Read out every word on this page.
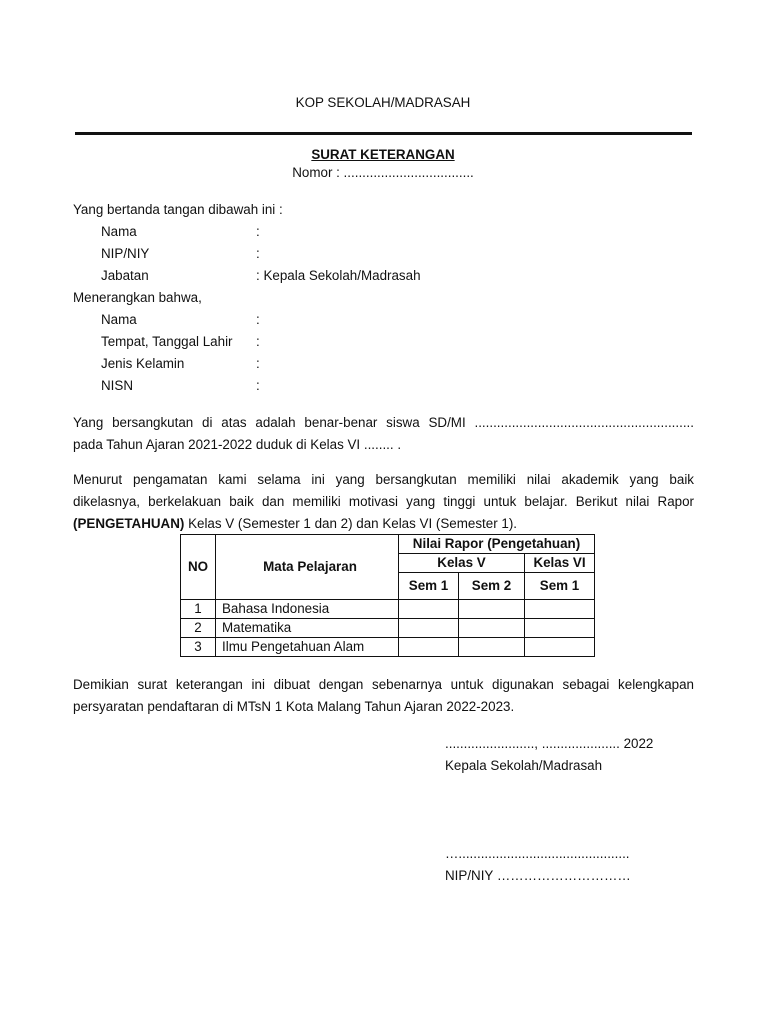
KOP SEKOLAH/MADRASAH
SURAT KETERANGAN
Nomor : ...................................
Yang bertanda tangan dibawah ini :
Nama	:
NIP/NIY	:
Jabatan	: Kepala Sekolah/Madrasah
Menerangkan bahwa,
Nama	:
Tempat, Tanggal Lahir :
Jenis Kelamin	:
NISN	:
Yang bersangkutan di atas adalah benar-benar siswa SD/MI ...........................................................
pada Tahun Ajaran 2021-2022 duduk di Kelas VI ........ .
Menurut pengamatan kami selama ini yang bersangkutan memiliki nilai akademik yang baik
dikelasnya, berkelakuan baik dan memiliki motivasi yang tinggi untuk belajar. Berikut nilai Rapor
(PENGETAHUAN) Kelas V (Semester 1 dan 2) dan Kelas VI (Semester 1).
NO	Mata Pelajaran	Nilai Rapor (Pengetahuan)		
		Kelas V		Kelas VI
		Sem 1	Sem 2	Sem 1
1	Bahasa Indonesia			
2	Matematika			
3	Ilmu Pengetahuan Alam			
Demikian surat keterangan ini dibuat dengan sebenarnya untuk digunakan sebagai kelengkapan
persyaratan pendaftaran di MTsN 1 Kota Malang Tahun Ajaran 2022-2023.
........................, ..................... 2022
Kepala Sekolah/Madrasah
…..............................................
NIP/NIY …………………………
